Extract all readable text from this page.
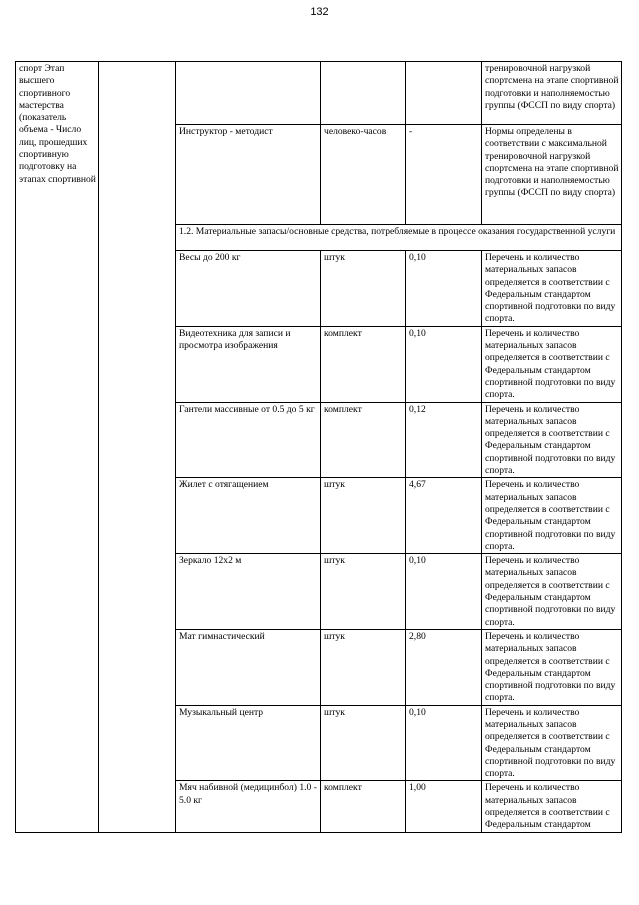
132
спорт Этап высшего спортивного мастерства (показатель объема - Число лиц, прошедших спортивную подготовку на этапах спортивной					тренировочной нагрузкой спортсмена на этапе спортивной подготовки и наполняемостью группы (ФССП по виду спорта)
		Инструктор - методист	человеко-часов	-	Нормы определены в соответствии с максимальной тренировочной нагрузкой спортсмена на этапе спортивной подготовки и наполняемостью группы (ФССП по виду спорта)
		1.2. Материальные запасы/основные средства, потребляемые в процессе оказания государственной услуги			
		Весы до 200 кг	штук	0,10	Перечень и количество материальных запасов определяется в соответствии с Федеральным стандартом спортивной подготовки по виду спорта.
		Видеотехника для записи и просмотра изображения	комплект	0,10	Перечень и количество материальных запасов определяется в соответствии с Федеральным стандартом спортивной подготовки по виду спорта.
		Гантели массивные от 0.5 до 5 кг	комплект	0,12	Перечень и количество материальных запасов определяется в соответствии с Федеральным стандартом спортивной подготовки по виду спорта.
		Жилет с отягащением	штук	4,67	Перечень и количество материальных запасов определяется в соответствии с Федеральным стандартом спортивной подготовки по виду спорта.
		Зеркало 12x2 м	штук	0,10	Перечень и количество материальных запасов определяется в соответствии с Федеральным стандартом спортивной подготовки по виду спорта.
		Мат гимнастический	штук	2,80	Перечень и количество материальных запасов определяется в соответствии с Федеральным стандартом спортивной подготовки по виду спорта.
		Музыкальный центр	штук	0,10	Перечень и количество материальных запасов определяется в соответствии с Федеральным стандартом спортивной подготовки по виду спорта.
		Мяч набивной (медицинбол) 1.0 - 5.0 кг	комплект	1,00	Перечень и количество материальных запасов определяется в соответствии с Федеральным стандартом
